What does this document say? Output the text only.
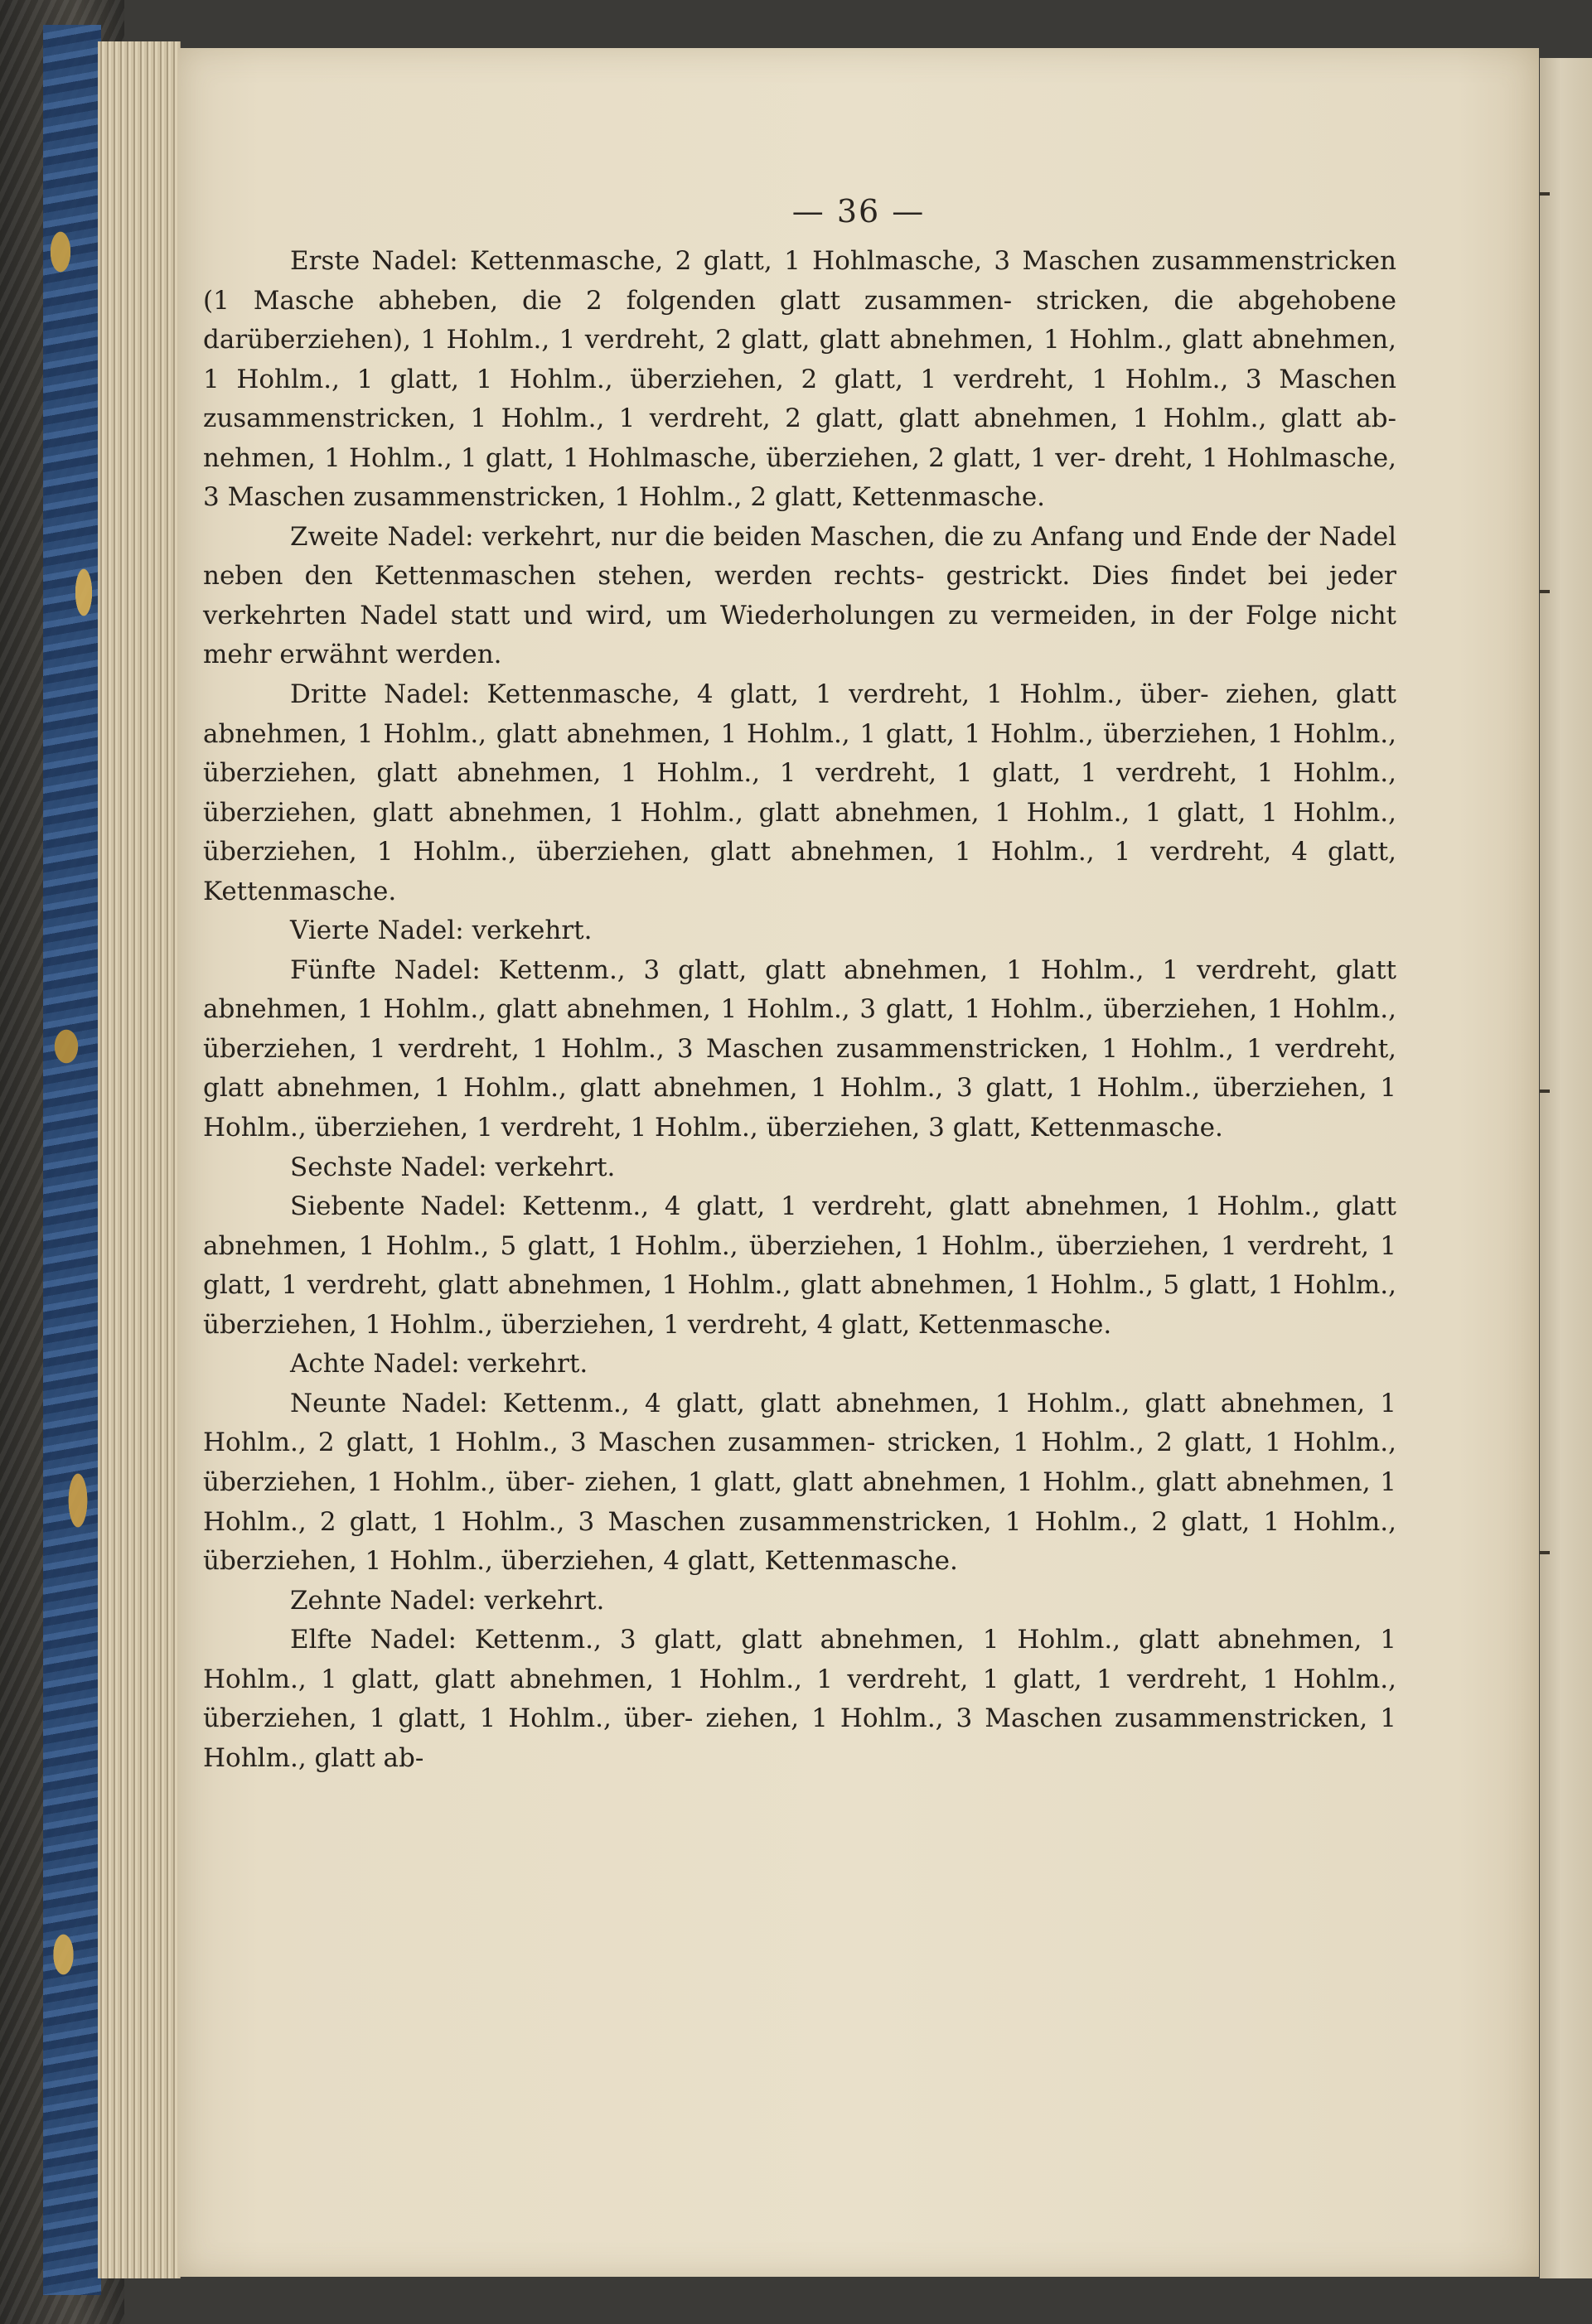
— 36 —

Erste Nadel: Kettenmasche, 2 glatt, 1 Hohlmasche, 3 Maschen zusammenstricken (1 Masche abheben, die 2 folgenden glatt zusammen- stricken, die abgehobene darüberziehen), 1 Hohlm., 1 verdreht, 2 glatt, glatt abnehmen, 1 Hohlm., glatt abnehmen, 1 Hohlm., 1 glatt, 1 Hohlm., überziehen, 2 glatt, 1 verdreht, 1 Hohlm., 3 Maschen zusammenstricken, 1 Hohlm., 1 verdreht, 2 glatt, glatt abnehmen, 1 Hohlm., glatt ab- nehmen, 1 Hohlm., 1 glatt, 1 Hohlmasche, überziehen, 2 glatt, 1 ver- dreht, 1 Hohlmasche, 3 Maschen zusammenstricken, 1 Hohlm., 2 glatt, Kettenmasche.

Zweite Nadel: verkehrt, nur die beiden Maschen, die zu Anfang und Ende der Nadel neben den Kettenmaschen stehen, werden rechts- gestrickt. Dies findet bei jeder verkehrten Nadel statt und wird, um Wiederholungen zu vermeiden, in der Folge nicht mehr erwähnt werden.

Dritte Nadel: Kettenmasche, 4 glatt, 1 verdreht, 1 Hohlm., über- ziehen, glatt abnehmen, 1 Hohlm., glatt abnehmen, 1 Hohlm., 1 glatt, 1 Hohlm., überziehen, 1 Hohlm., überziehen, glatt abnehmen, 1 Hohlm., 1 verdreht, 1 glatt, 1 verdreht, 1 Hohlm., überziehen, glatt abnehmen, 1 Hohlm., glatt abnehmen, 1 Hohlm., 1 glatt, 1 Hohlm., überziehen, 1 Hohlm., überziehen, glatt abnehmen, 1 Hohlm., 1 verdreht, 4 glatt, Kettenmasche.

Vierte Nadel: verkehrt.

Fünfte Nadel: Kettenm., 3 glatt, glatt abnehmen, 1 Hohlm., 1 verdreht, glatt abnehmen, 1 Hohlm., glatt abnehmen, 1 Hohlm., 3 glatt, 1 Hohlm., überziehen, 1 Hohlm., überziehen, 1 verdreht, 1 Hohlm., 3 Maschen zusammenstricken, 1 Hohlm., 1 verdreht, glatt abnehmen, 1 Hohlm., glatt abnehmen, 1 Hohlm., 3 glatt, 1 Hohlm., überziehen, 1 Hohlm., überziehen, 1 verdreht, 1 Hohlm., überziehen, 3 glatt, Kettenmasche.

Sechste Nadel: verkehrt.

Siebente Nadel: Kettenm., 4 glatt, 1 verdreht, glatt abnehmen, 1 Hohlm., glatt abnehmen, 1 Hohlm., 5 glatt, 1 Hohlm., überziehen, 1 Hohlm., überziehen, 1 verdreht, 1 glatt, 1 verdreht, glatt abnehmen, 1 Hohlm., glatt abnehmen, 1 Hohlm., 5 glatt, 1 Hohlm., überziehen, 1 Hohlm., überziehen, 1 verdreht, 4 glatt, Kettenmasche.

Achte Nadel: verkehrt.

Neunte Nadel: Kettenm., 4 glatt, glatt abnehmen, 1 Hohlm., glatt abnehmen, 1 Hohlm., 2 glatt, 1 Hohlm., 3 Maschen zusammen- stricken, 1 Hohlm., 2 glatt, 1 Hohlm., überziehen, 1 Hohlm., über- ziehen, 1 glatt, glatt abnehmen, 1 Hohlm., glatt abnehmen, 1 Hohlm., 2 glatt, 1 Hohlm., 3 Maschen zusammenstricken, 1 Hohlm., 2 glatt, 1 Hohlm., überziehen, 1 Hohlm., überziehen, 4 glatt, Kettenmasche.

Zehnte Nadel: verkehrt.

Elfte Nadel: Kettenm., 3 glatt, glatt abnehmen, 1 Hohlm., glatt abnehmen, 1 Hohlm., 1 glatt, glatt abnehmen, 1 Hohlm., 1 verdreht, 1 glatt, 1 verdreht, 1 Hohlm., überziehen, 1 glatt, 1 Hohlm., über- ziehen, 1 Hohlm., 3 Maschen zusammenstricken, 1 Hohlm., glatt ab-
